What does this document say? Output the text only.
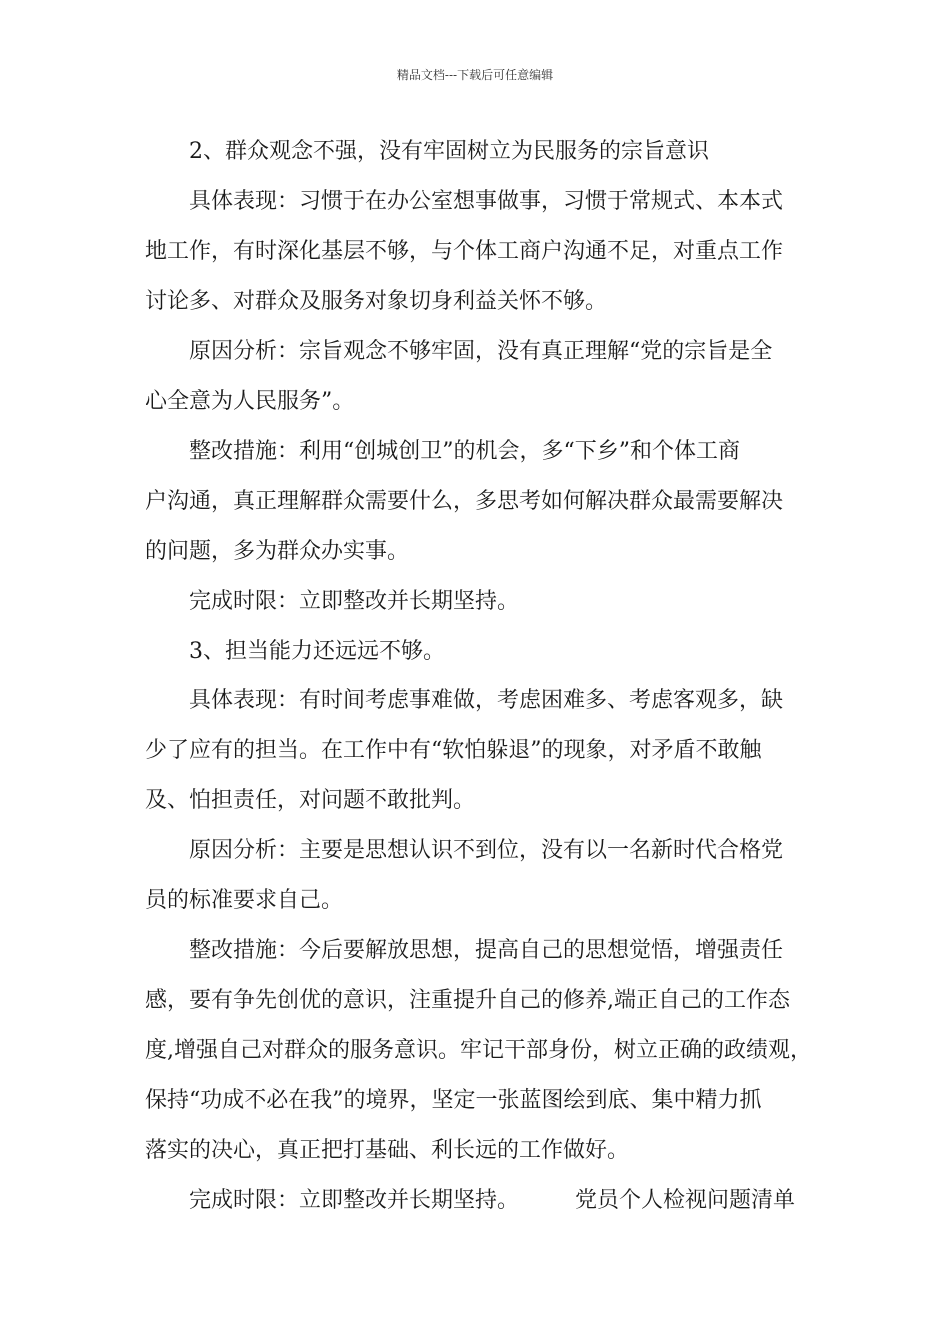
精品文档---下载后可任意编辑
2、群众观念不强，没有牢固树立为民服务的宗旨意识
具体表现：习惯于在办公室想事做事，习惯于常规式、本本式
地工作，有时深化基层不够，与个体工商户沟通不足，对重点工作
讨论多、对群众及服务对象切身利益关怀不够。
原因分析：宗旨观念不够牢固，没有真正理解“党的宗旨是全
心全意为人民服务”。
整改措施：利用“创城创卫”的机会，多“下乡”和个体工商
户沟通，真正理解群众需要什么，多思考如何解决群众最需要解决
的问题，多为群众办实事。
完成时限：立即整改并长期坚持。
3、担当能力还远远不够。
具体表现：有时间考虑事难做，考虑困难多、考虑客观多，缺
少了应有的担当。在工作中有“软怕躲退”的现象，对矛盾不敢触
及、怕担责任，对问题不敢批判。
原因分析：主要是思想认识不到位，没有以一名新时代合格党
员的标准要求自己。
整改措施：今后要解放思想，提高自己的思想觉悟，增强责任
感，要有争先创优的意识，注重提升自己的修养,端正自己的工作态
度,增强自己对群众的服务意识。牢记干部身份，树立正确的政绩观，
保持“功成不必在我”的境界，坚定一张蓝图绘到底、集中精力抓
落实的决心，真正把打基础、利长远的工作做好。
完成时限：立即整改并长期坚持。        党员个人检视问题清单
